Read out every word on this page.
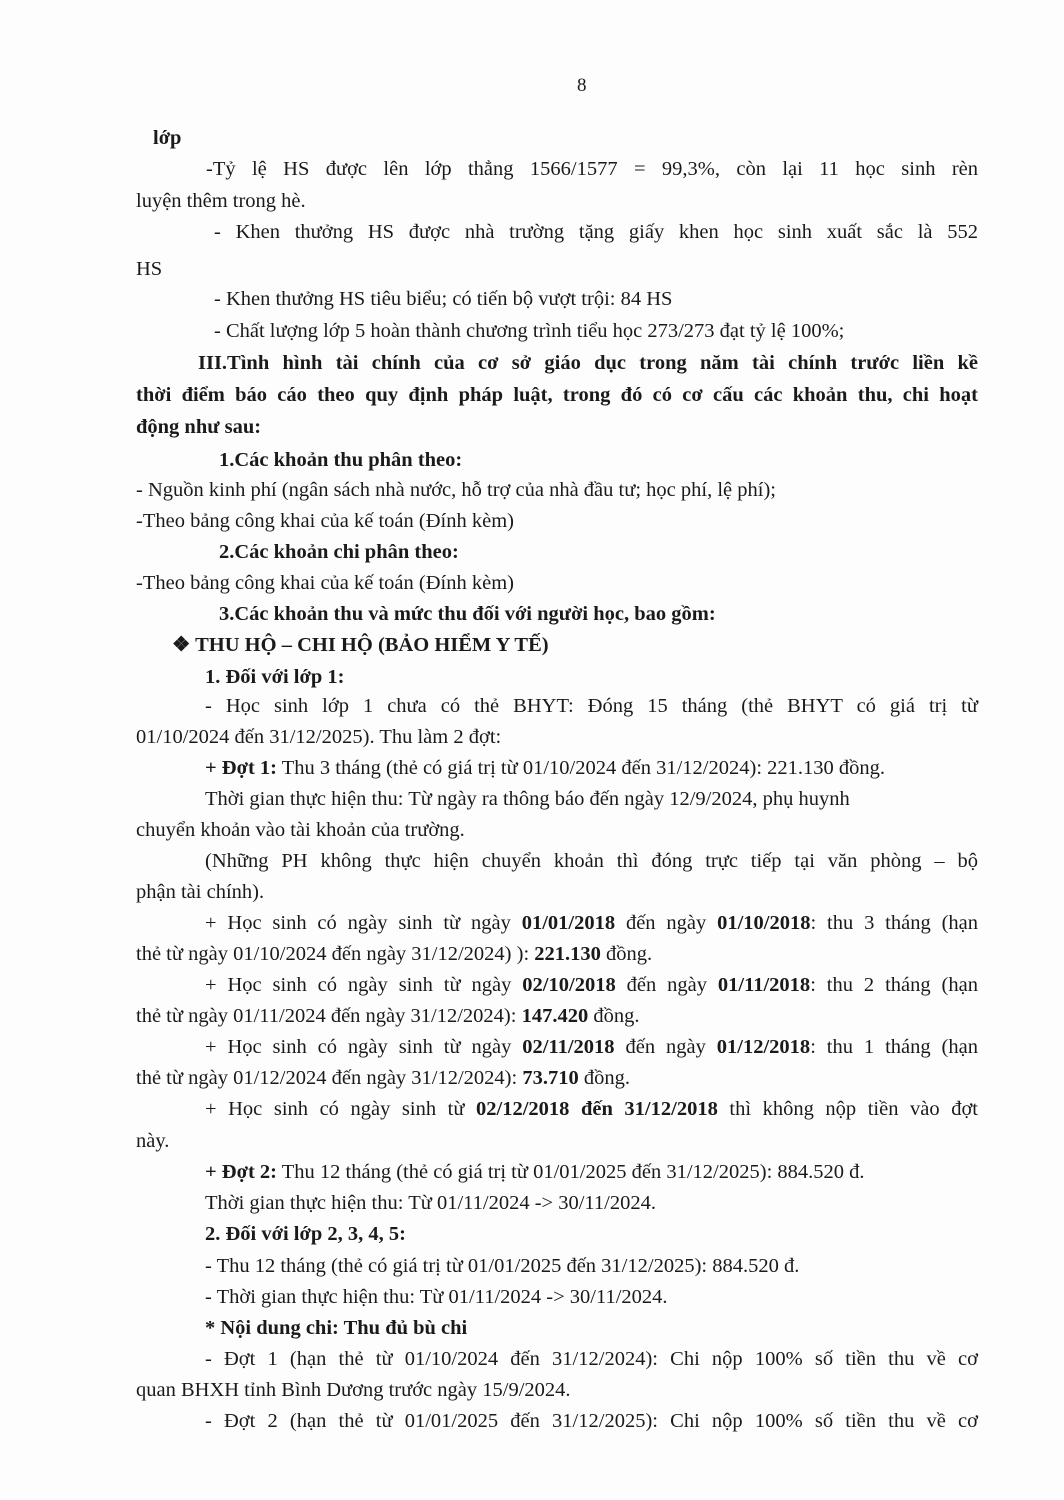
8
lớp
-Tỷ lệ HS được lên lớp thẳng 1566/1577 = 99,3%, còn lại 11 học sinh rèn
luyện thêm trong hè.
- Khen thưởng HS được nhà trường tặng giấy khen học sinh xuất sắc là 552
HS
- Khen thưởng HS tiêu biểu; có tiến bộ vượt trội: 84 HS
- Chất lượng lớp 5 hoàn thành chương trình tiểu học 273/273 đạt tỷ lệ 100%;
III.Tình hình tài chính của cơ sở giáo dục trong năm tài chính trước liền kề
thời điểm báo cáo theo quy định pháp luật, trong đó có cơ cấu các khoản thu, chi hoạt
động như sau:
1.Các khoản thu phân theo:
- Nguồn kinh phí (ngân sách nhà nước, hỗ trợ của nhà đầu tư; học phí, lệ phí);
-Theo bảng công khai của kế toán (Đính kèm)
2.Các khoản chi phân theo:
-Theo bảng công khai của kế toán (Đính kèm)
3.Các khoản thu và mức thu đối với người học, bao gồm:
❖ THU HỘ – CHI HỘ (BẢO HIỂM Y TẾ)
1. Đối với lớp 1:
- Học sinh lớp 1 chưa có thẻ BHYT: Đóng 15 tháng (thẻ BHYT có giá trị từ
01/10/2024 đến 31/12/2025). Thu làm 2 đợt:
+ Đợt 1: Thu 3 tháng (thẻ có giá trị từ 01/10/2024 đến 31/12/2024): 221.130 đồng.
Thời gian thực hiện thu: Từ ngày ra thông báo đến ngày 12/9/2024, phụ huynh
chuyển khoản vào tài khoản của trường.
(Những PH không thực hiện chuyển khoản thì đóng trực tiếp tại văn phòng – bộ
phận tài chính).
+ Học sinh có ngày sinh từ ngày 01/01/2018 đến ngày 01/10/2018: thu 3 tháng (hạn
thẻ từ ngày 01/10/2024 đến ngày 31/12/2024) ): 221.130 đồng.
+ Học sinh có ngày sinh từ ngày 02/10/2018 đến ngày 01/11/2018: thu 2 tháng (hạn
thẻ từ ngày 01/11/2024 đến ngày 31/12/2024): 147.420 đồng.
+ Học sinh có ngày sinh từ ngày 02/11/2018 đến ngày 01/12/2018: thu 1 tháng (hạn
thẻ từ ngày 01/12/2024 đến ngày 31/12/2024): 73.710 đồng.
+ Học sinh có ngày sinh từ 02/12/2018 đến 31/12/2018 thì không nộp tiền vào đợt
này.
+ Đợt 2: Thu 12 tháng (thẻ có giá trị từ 01/01/2025 đến 31/12/2025): 884.520 đ.
Thời gian thực hiện thu: Từ 01/11/2024 -> 30/11/2024.
2. Đối với lớp 2, 3, 4, 5:
- Thu 12 tháng (thẻ có giá trị từ 01/01/2025 đến 31/12/2025): 884.520 đ.
- Thời gian thực hiện thu: Từ 01/11/2024 -> 30/11/2024.
* Nội dung chi: Thu đủ bù chi
- Đợt 1 (hạn thẻ từ 01/10/2024 đến 31/12/2024): Chi nộp 100% số tiền thu về cơ
quan BHXH tỉnh Bình Dương trước ngày 15/9/2024.
- Đợt 2 (hạn thẻ từ 01/01/2025 đến 31/12/2025): Chi nộp 100% số tiền thu về cơ
